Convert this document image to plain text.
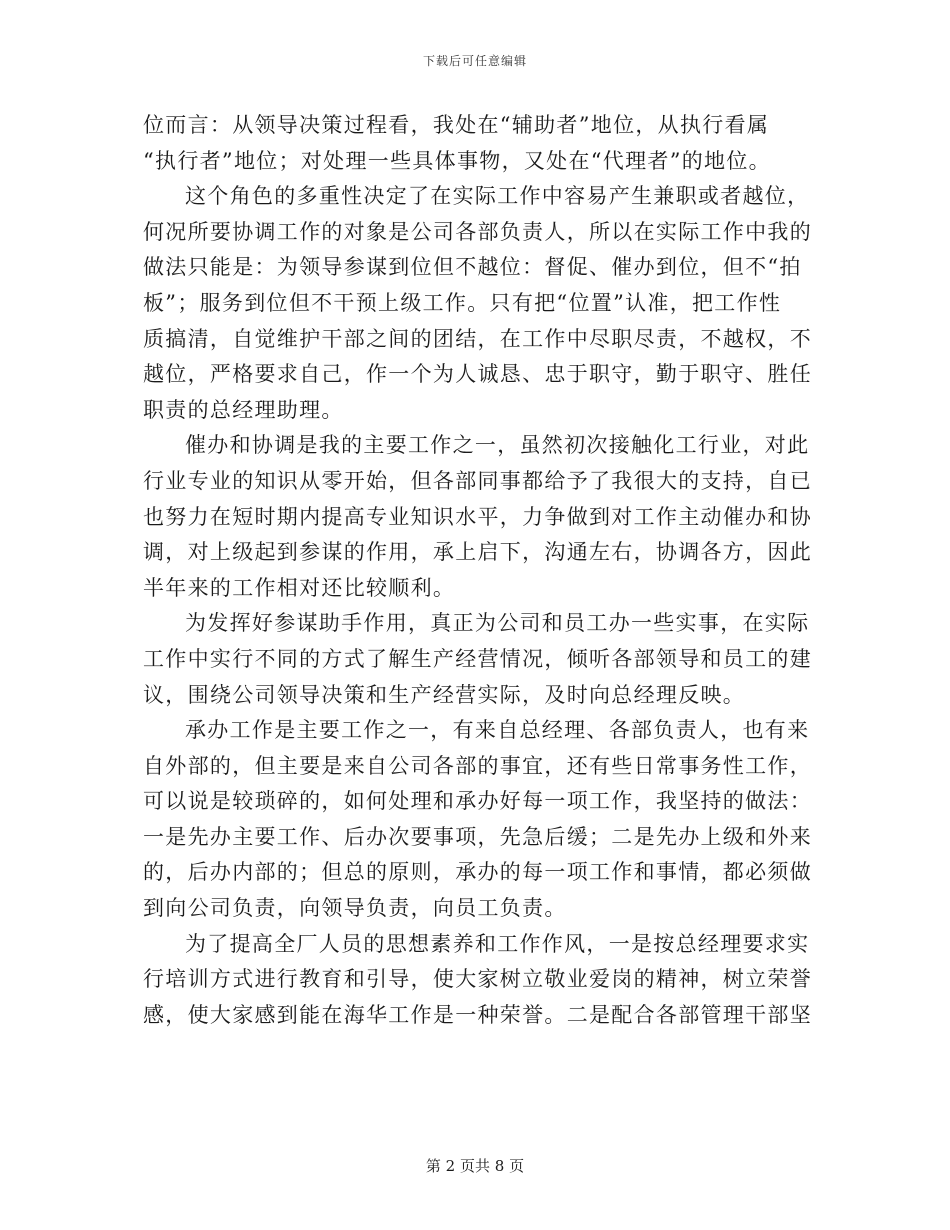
下载后可任意编辑

位而言：从领导决策过程看，我处在“辅助者”地位，从执行看属
“执行者”地位；对处理一些具体事物，又处在“代理者”的地位。

这个角色的多重性决定了在实际工作中容易产生兼职或者越位，
何况所要协调工作的对象是公司各部负责人，所以在实际工作中我的
做法只能是：为领导参谋到位但不越位：督促、催办到位，但不“拍
板”；服务到位但不干预上级工作。只有把“位置”认准，把工作性
质搞清，自觉维护干部之间的团结，在工作中尽职尽责，不越权，不
越位，严格要求自己，作一个为人诚恳、忠于职守，勤于职守、胜任
职责的总经理助理。

催办和协调是我的主要工作之一，虽然初次接触化工行业，对此
行业专业的知识从零开始，但各部同事都给予了我很大的支持，自已
也努力在短时期内提高专业知识水平，力争做到对工作主动催办和协
调，对上级起到参谋的作用，承上启下，沟通左右，协调各方，因此
半年来的工作相对还比较顺利。

为发挥好参谋助手作用，真正为公司和员工办一些实事，在实际
工作中实行不同的方式了解生产经营情况，倾听各部领导和员工的建
议，围绕公司领导决策和生产经营实际，及时向总经理反映。

承办工作是主要工作之一，有来自总经理、各部负责人，也有来
自外部的，但主要是来自公司各部的事宜，还有些日常事务性工作，
可以说是较琐碎的，如何处理和承办好每一项工作，我坚持的做法：
一是先办主要工作、后办次要事项，先急后缓；二是先办上级和外来
的，后办内部的；但总的原则，承办的每一项工作和事情，都必须做
到向公司负责，向领导负责，向员工负责。

为了提高全厂人员的思想素养和工作作风，一是按总经理要求实
行培训方式进行教育和引导，使大家树立敬业爱岗的精神，树立荣誉
感，使大家感到能在海华工作是一种荣誉。二是配合各部管理干部坚

第 2 页共 8 页
